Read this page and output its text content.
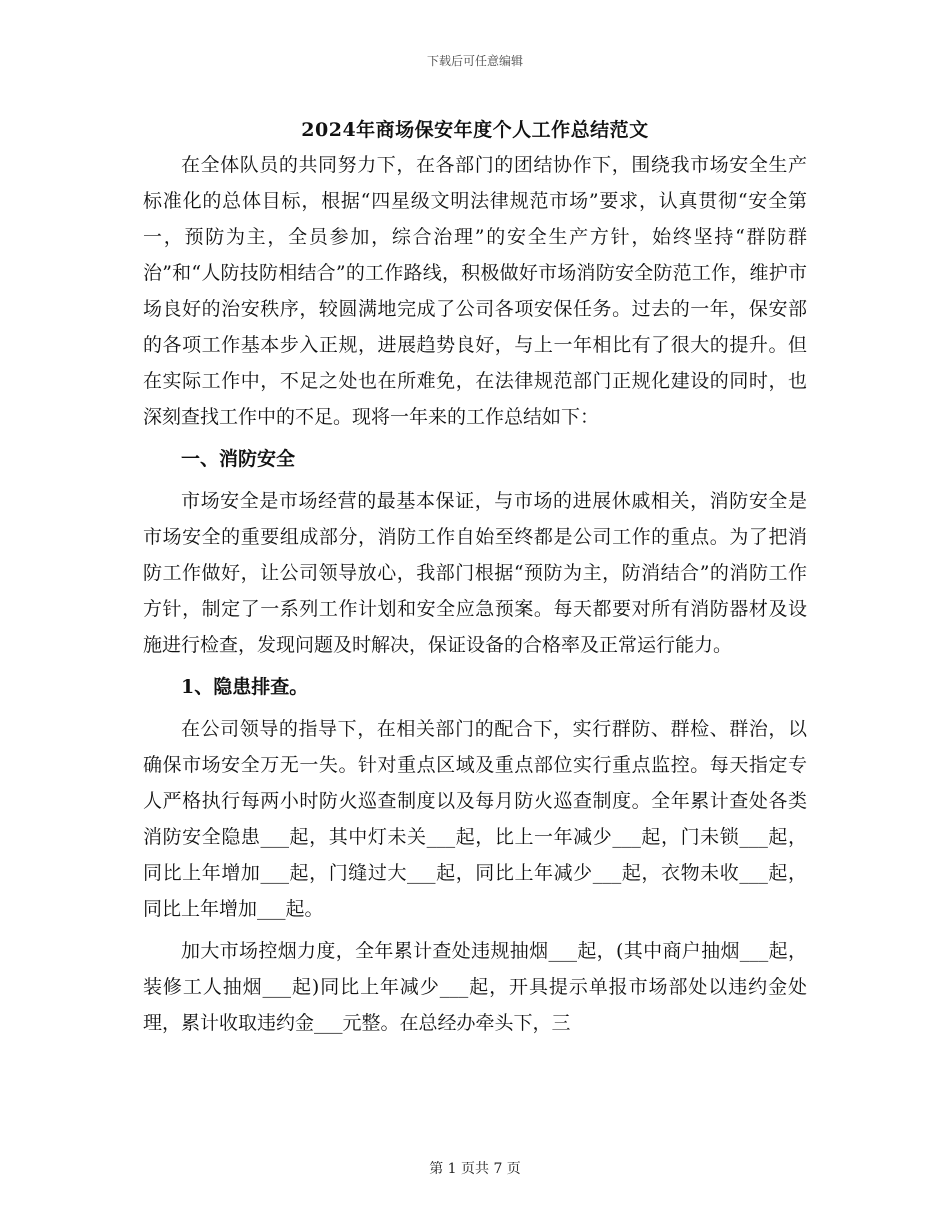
下载后可任意编辑
2024年商场保安年度个人工作总结范文

在全体队员的共同努力下，在各部门的团结协作下，围绕我市场安全生产标准化的总体目标，根据“四星级文明法律规范市场”要求，认真贯彻“安全第一，预防为主，全员参加，综合治理”的安全生产方针，始终坚持“群防群治”和“人防技防相结合”的工作路线，积极做好市场消防安全防范工作，维护市场良好的治安秩序，较圆满地完成了公司各项安保任务。过去的一年，保安部的各项工作基本步入正规，进展趋势良好，与上一年相比有了很大的提升。但在实际工作中，不足之处也在所难免，在法律规范部门正规化建设的同时，也深刻查找工作中的不足。现将一年来的工作总结如下：

一、消防安全

市场安全是市场经营的最基本保证，与市场的进展休戚相关，消防安全是市场安全的重要组成部分，消防工作自始至终都是公司工作的重点。为了把消防工作做好，让公司领导放心，我部门根据“预防为主，防消结合”的消防工作方针，制定了一系列工作计划和安全应急预案。每天都要对所有消防器材及设施进行检查，发现问题及时解决，保证设备的合格率及正常运行能力。

1、隐患排查。

在公司领导的指导下，在相关部门的配合下，实行群防、群检、群治，以确保市场安全万无一失。针对重点区域及重点部位实行重点监控。每天指定专人严格执行每两小时防火巡查制度以及每月防火巡查制度。全年累计查处各类消防安全隐患___起，其中灯未关___起，比上一年减少___起，门未锁___起，同比上年增加___起，门缝过大___起，同比上年减少___起，衣物未收___起，同比上年增加___起。

加大市场控烟力度，全年累计查处违规抽烟___起，(其中商户抽烟___起，装修工人抽烟___起)同比上年减少___起，开具提示单报市场部处以违约金处理，累计收取违约金___元整。在总经办牵头下，三

第 1 页共 7 页
